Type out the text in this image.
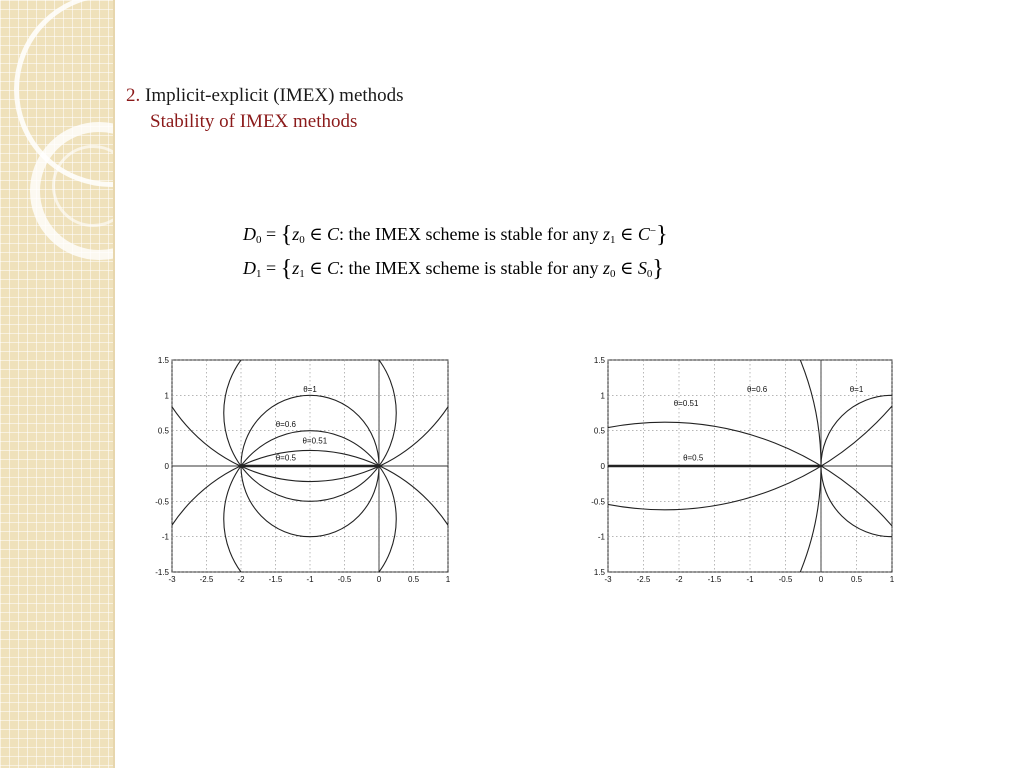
2. Implicit-explicit (IMEX) methods
Stability of IMEX methods
$D_0 = \{z_0$ ∈ C: the IMEX scheme is stable for any $z_1$ ∈ C−}
$D_1 = \{z_1$ ∈ C: the IMEX scheme is stable for any $z_0$ ∈ $S_0$}
-3	-2.5	-2	-1.5	-1	-0.5	0	0.5	1
1.5
1
0.5
0
-0.5
-1
-1.5
θ=1
θ=0.6
θ=0.51
θ=0.5
-3	-2.5	-2	-1.5	-1	-0.5	0	0.5	1
1.5
1
0.5
0
-0.5
-1
1.5
θ=1
θ=0.6
θ=0.51
θ=0.5
